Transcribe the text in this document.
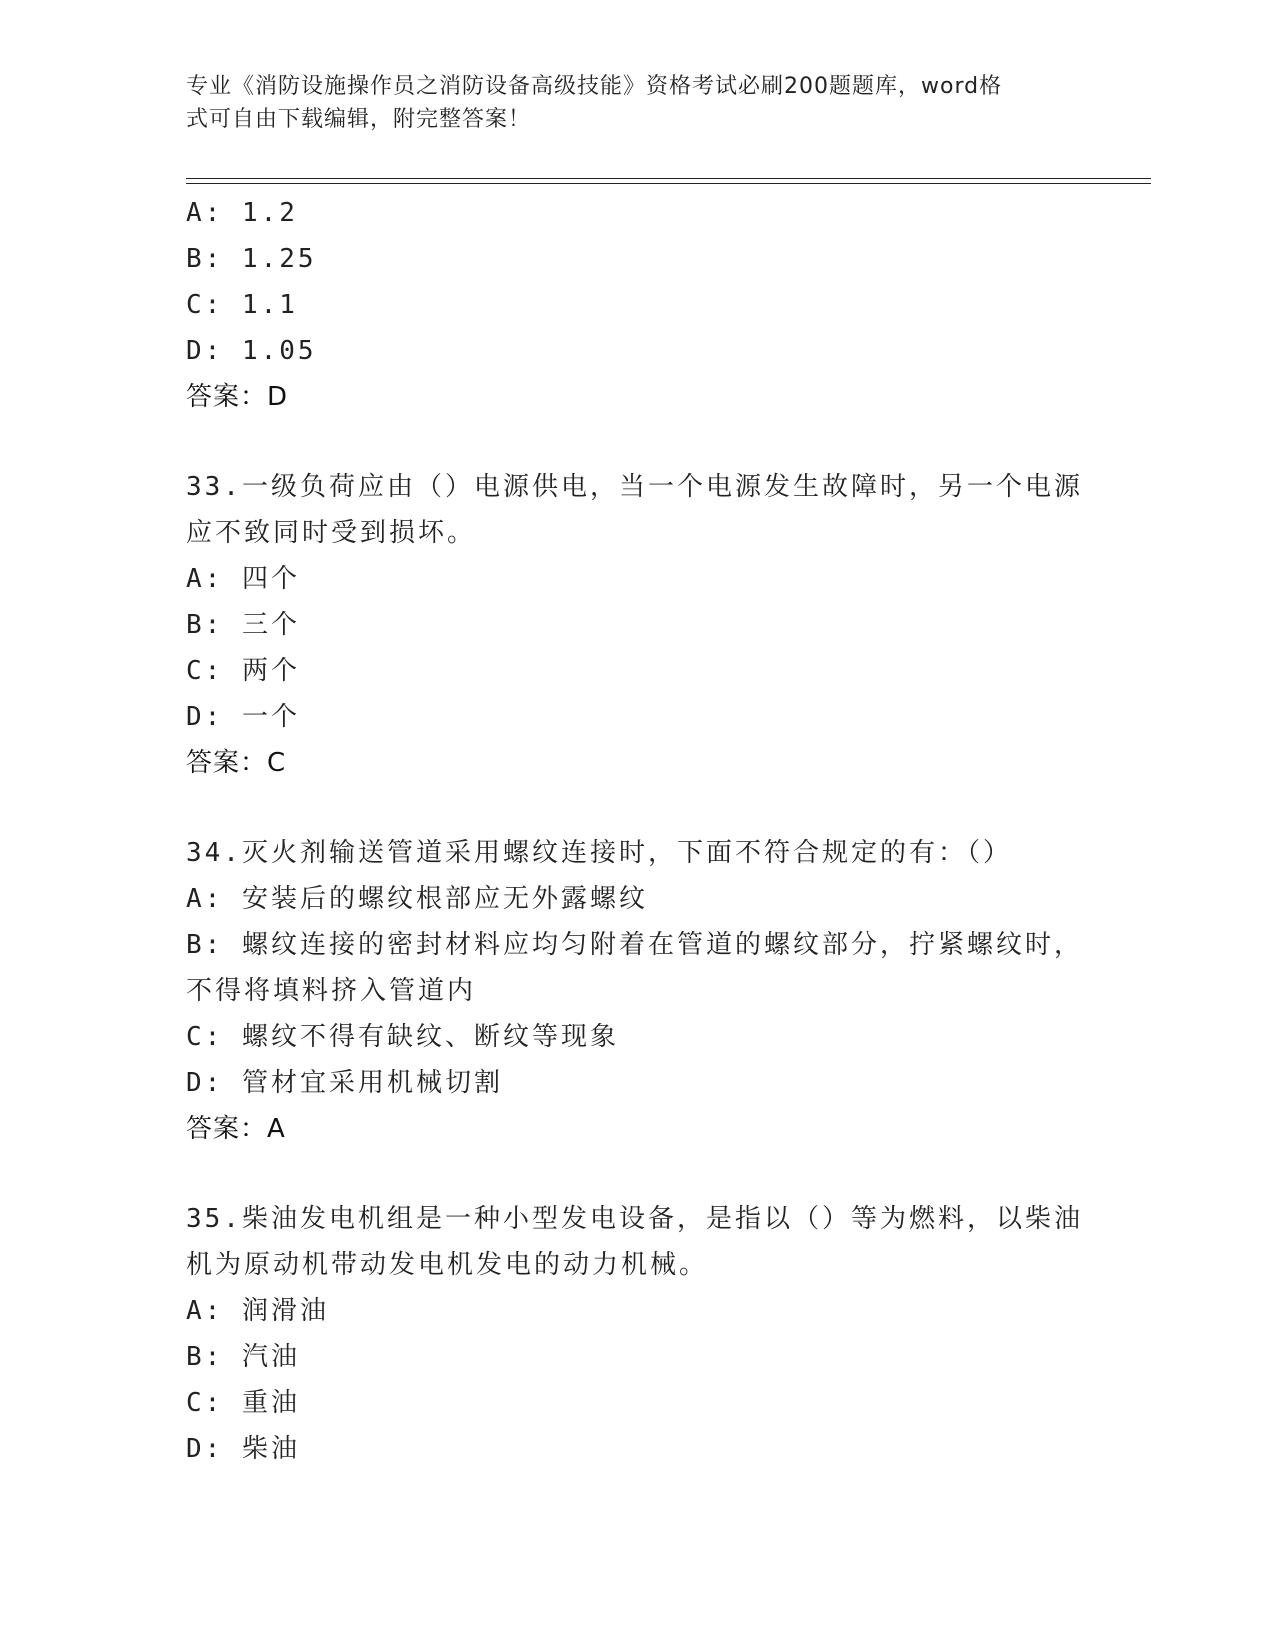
专业《消防设施操作员之消防设备高级技能》资格考试必刷200题题库，word格
式可自由下载编辑，附完整答案！
A: 1.2
B: 1.25
C: 1.1
D: 1.05
答案：D
33.一级负荷应由（）电源供电，当一个电源发生故障时，另一个电源
应不致同时受到损坏。
A: 四个
B: 三个
C: 两个
D: 一个
答案：C
34.灭火剂输送管道采用螺纹连接时，下面不符合规定的有：（）
A: 安装后的螺纹根部应无外露螺纹
B: 螺纹连接的密封材料应均匀附着在管道的螺纹部分，拧紧螺纹时，
不得将填料挤入管道内
C: 螺纹不得有缺纹、断纹等现象
D: 管材宜采用机械切割
答案：A
35.柴油发电机组是一种小型发电设备，是指以（）等为燃料，以柴油
机为原动机带动发电机发电的动力机械。
A: 润滑油
B: 汽油
C: 重油
D: 柴油
